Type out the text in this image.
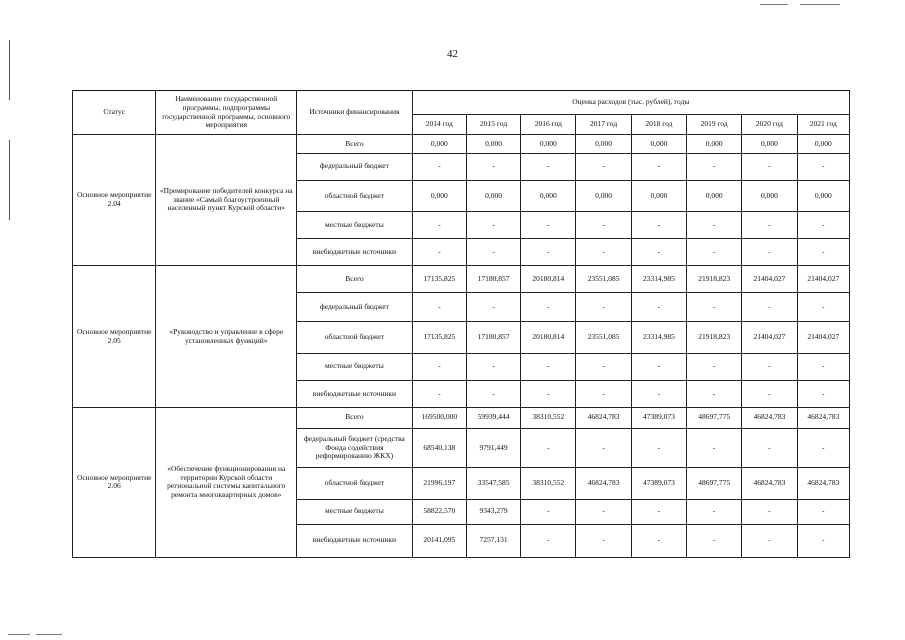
42
Статус	Наименование государственной программы, подпрограммы государственной программы, основного мероприятия	Источники финансирования	Оценка расходов (тыс. рублей), годы							
			2014 год	2015 год	2016 год	2017 год	2018 год	2019 год	2020 год	2021 год
Основное мероприятие 2.04	«Премирование победителей конкурса на звание «Самый благоустроенный населенный пункт Курской области»	Всего	0,000	0,000	0,000	0,000	0,000	0,000	0,000	0,000
		федеральный бюджет	-	-	-	-	-	-	-	-
		областной бюджет	0,000	0,000	0,000	0,000	0,000	0,000	0,000	0,000
		местные бюджеты	-	-	-	-	-	-	-	-
		внебюджетные источники	-	-	-	-	-	-	-	-
Основное мероприятие 2.05	«Руководство и управление в сфере установленных функций»	Всего	17135,825	17180,857	20180,814	23551,085	23314,985	21918,823	21404,027	21404,027
		федеральный бюджет	-	-	-	-	-	-	-	-
		областной бюджет	17135,825	17180,857	20180,814	23551,085	23314,985	21918,823	21404,027	21404,027
		местные бюджеты	-	-	-	-	-	-	-	-
		внебюджетные источники	-	-	-	-	-	-	-	-
Основное мероприятие 2.06	«Обеспечение функционирования на территории Курской области региональной системы капитального ремонта многоквартирных домов»	Всего	169500,000	59939,444	38310,552	46824,783	47389,073	48697,775	46824,783	46824,783
		федеральный бюджет (средства Фонда содействия реформированию ЖКХ)	68540,138	9791,449	-	-	-	-	-	-
		областной бюджет	21996,197	33547,585	38310,552	46824,783	47389,073	48697,775	46824,783	46824,783
		местные бюджеты	58822,570	9343,279	-	-	-	-	-	-
		внебюджетные источники	20141,095	7257,131	-	-	-	-	-	-
